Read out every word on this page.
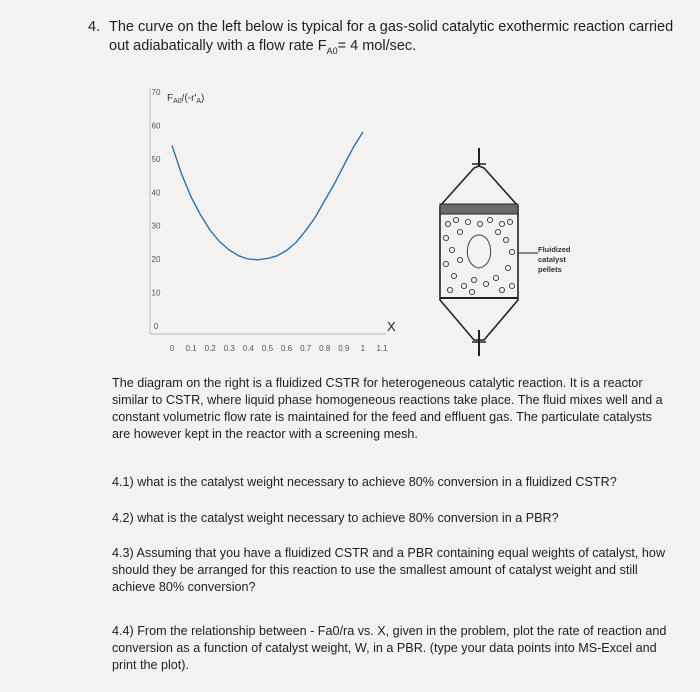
4. The curve on the left below is typical for a gas-solid catalytic exothermic reaction carried
out adiabatically with a flow rate $F_{A0}= 4$ mol/sec.
70
60
50
40
30
20
10
0
0 0.1 0.2 0.3 0.4 0.5 0.6 0.7 0.8 0.9 1 1.1
$F_{A0}/(-r'_A)$
X
Fluidized
catalyst
pellets
The diagram on the right is a fluidized CSTR for heterogeneous catalytic reaction. It is a reactor similar to CSTR, where liquid phase homogeneous reactions take place. The fluid mixes well and a constant volumetric flow rate is maintained for the feed and effluent gas. The particulate catalysts are however kept in the reactor with a screening mesh.
4.1) what is the catalyst weight necessary to achieve 80% conversion in a fluidized CSTR?
4.2) what is the catalyst weight necessary to achieve 80% conversion in a PBR?
4.3) Assuming that you have a fluidized CSTR and a PBR containing equal weights of catalyst, how should they be arranged for this reaction to use the smallest amount of catalyst weight and still achieve 80% conversion?
4.4) From the relationship between - Fa0/ra vs. X, given in the problem, plot the rate of reaction and conversion as a function of catalyst weight, W, in a PBR. (type your data points into MS-Excel and print the plot).
